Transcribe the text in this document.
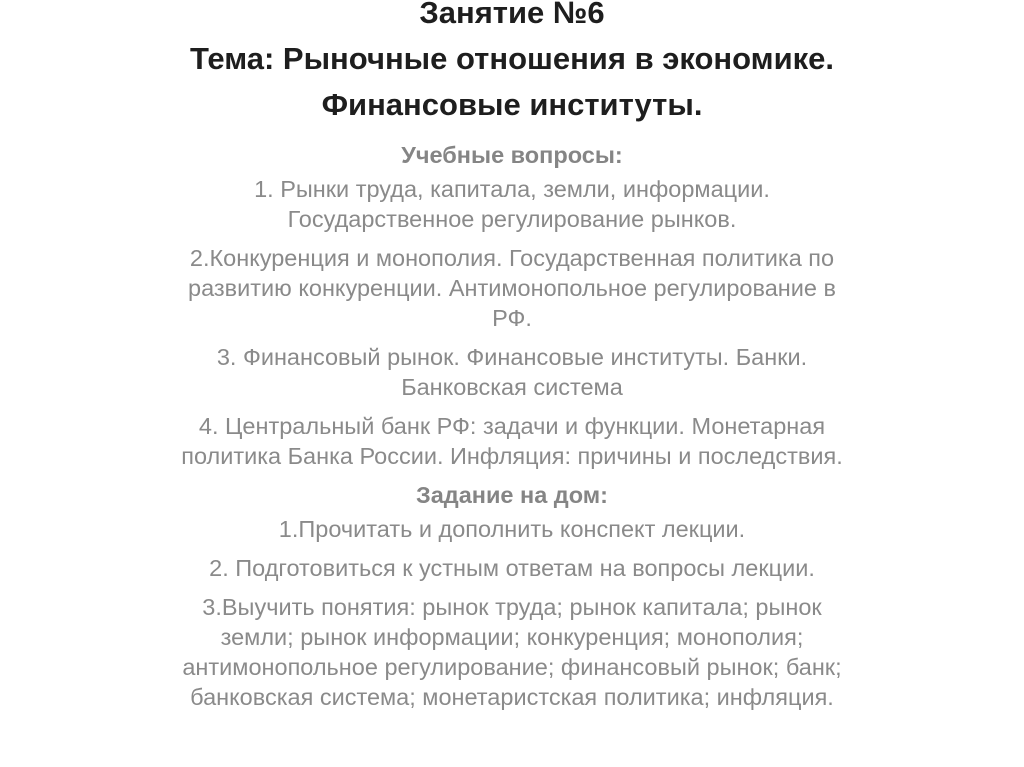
Занятие №6
Тема: Рыночные отношения в экономике.
Финансовые институты.

Учебные вопросы:

1. Рынки труда, капитала, земли, информации.
Государственное регулирование рынков.

2.Конкуренция и монополия. Государственная политика по
развитию конкуренции. Антимонопольное регулирование в
РФ.

3. Финансовый рынок. Финансовые институты. Банки.
Банковская система

4. Центральный банк РФ: задачи и функции. Монетарная
политика Банка России. Инфляция: причины и последствия.

Задание на дом:

1.Прочитать и дополнить конспект лекции.

2. Подготовиться к устным ответам на вопросы лекции.

3.Выучить понятия: рынок труда; рынок капитала; рынок
земли; рынок информации; конкуренция; монополия;
антимонопольное регулирование; финансовый рынок; банк;
банковская система; монетаристская политика; инфляция.
